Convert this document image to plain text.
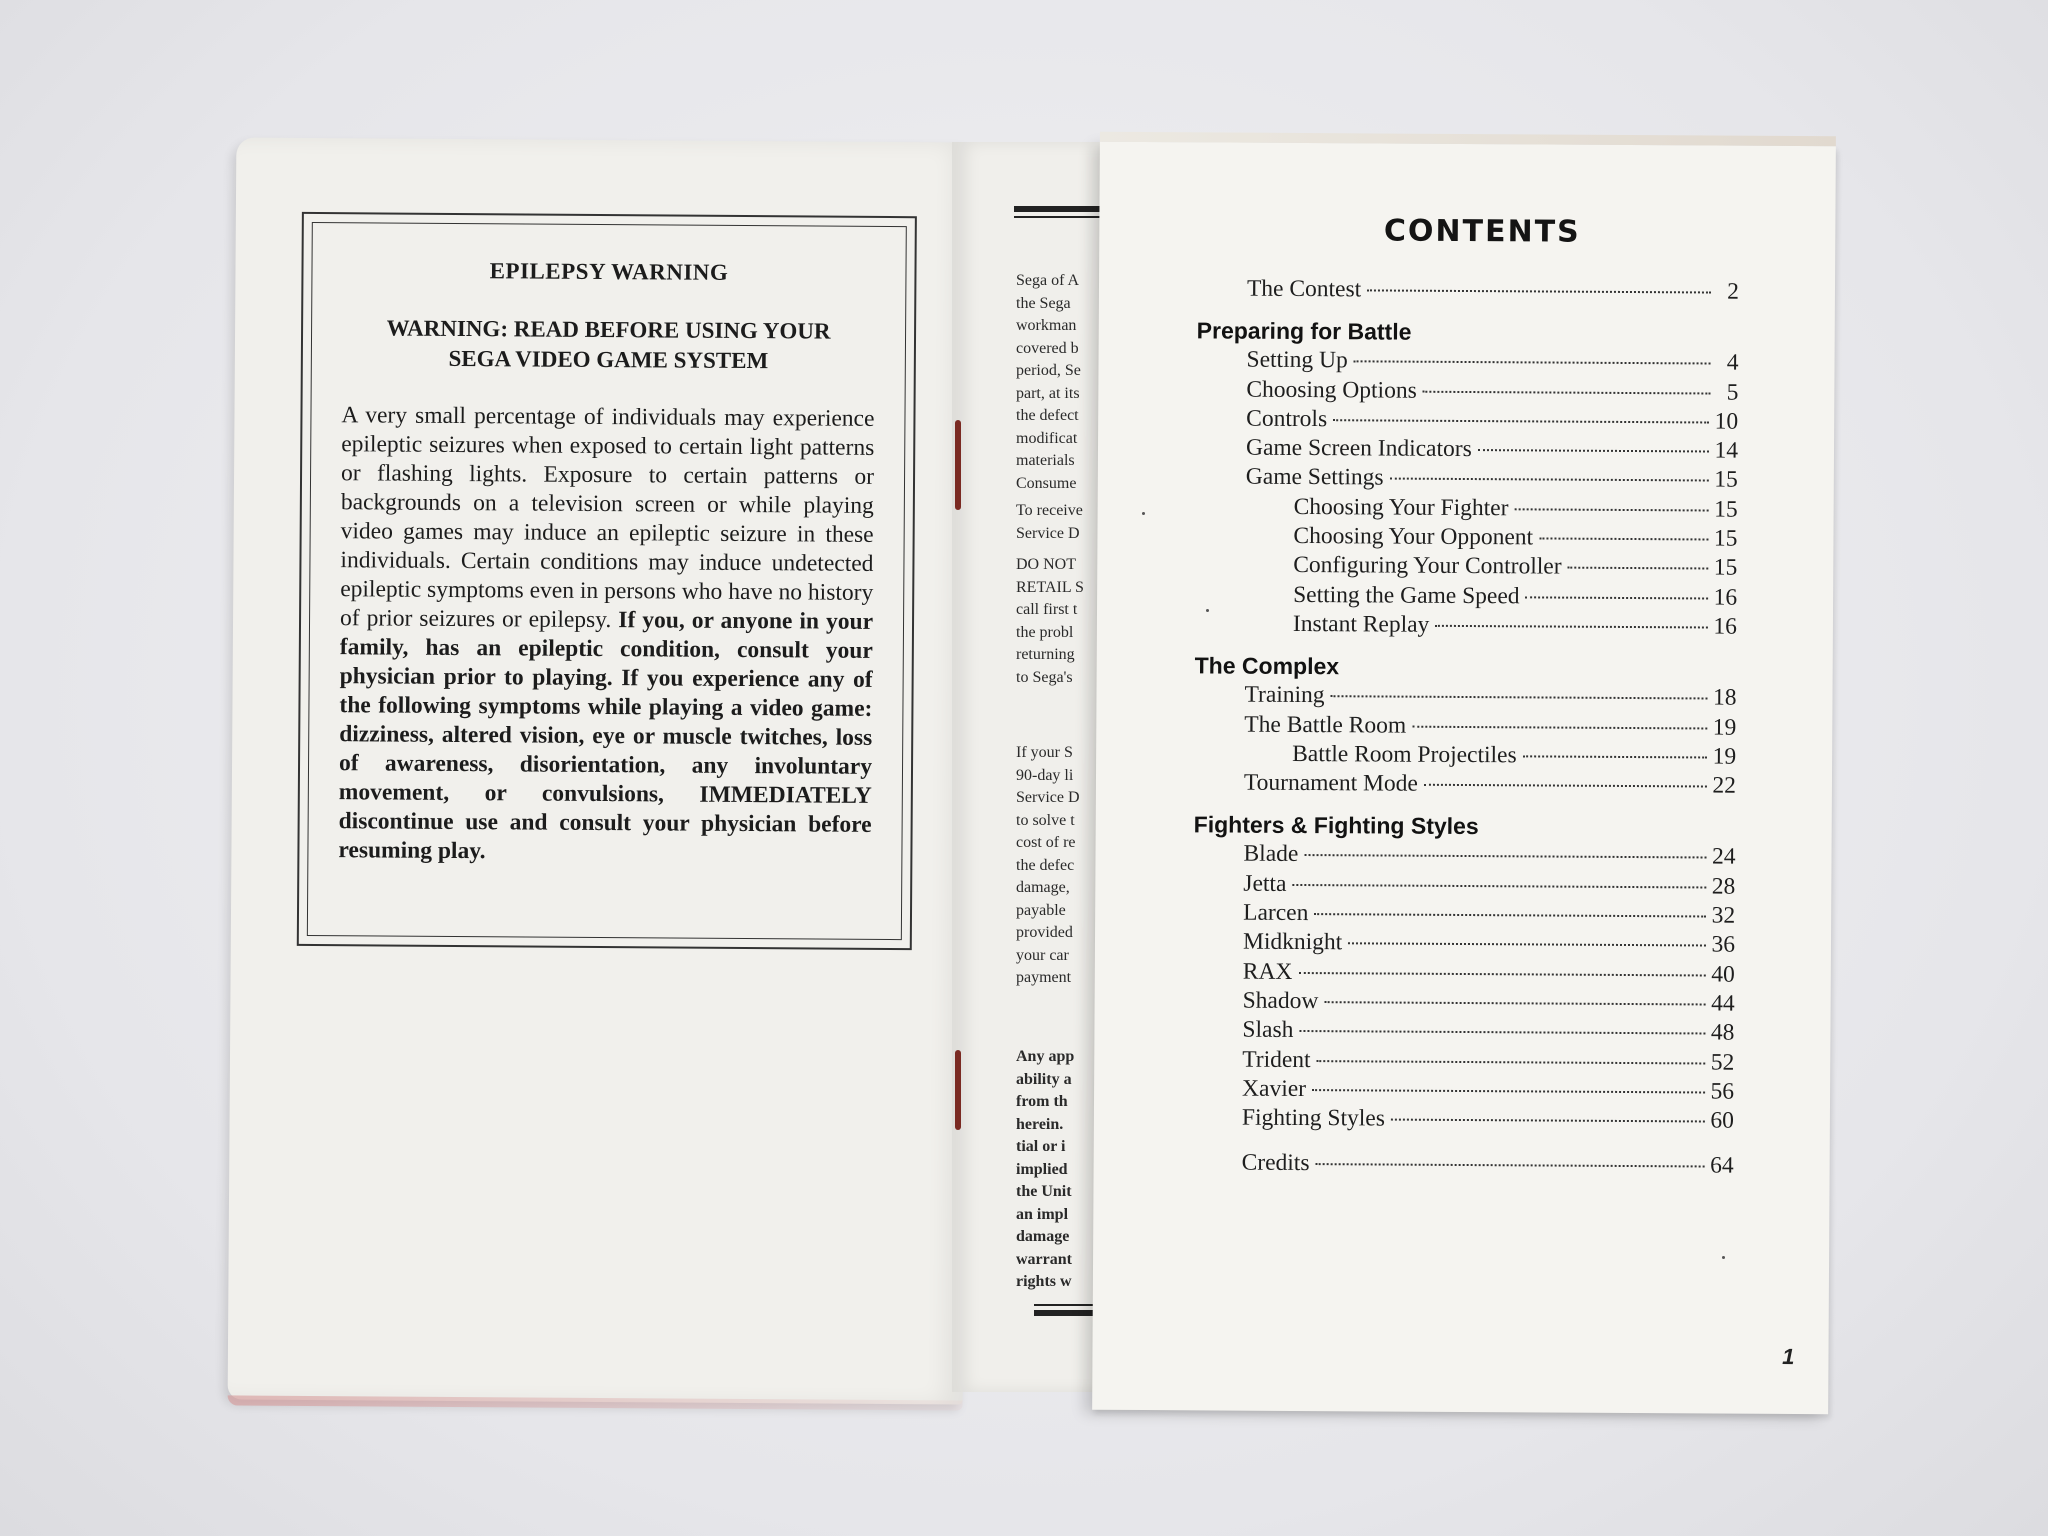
EPILEPSY WARNING
WARNING: READ BEFORE USING YOUR
SEGA VIDEO GAME SYSTEM

A very small percentage of individuals may experience epileptic seizures when exposed to certain light patterns or flashing lights. Exposure to certain patterns or backgrounds on a television screen or while playing video games may induce an epileptic seizure in these individuals. Certain conditions may induce undetected epileptic symptoms even in persons who have no history of prior seizures or epilepsy. If you, or anyone in your family, has an epileptic condition, consult your physician prior to playing. If you experience any of the following symptoms while playing a video game: dizziness, altered vision, eye or muscle twitches, loss of awareness, disorientation, any involuntary movement, or convulsions, IMMEDIATELY discontinue use and consult your physician before resuming play.

Sega of A
the Sega
workman
covered b
period, Se
part, at its
the defect
modificat
materials
Consume
To receive
Service D
DO NOT
RETAIL S
call first t
the probl
returning
to Sega's
If your S
90-day li
Service D
to solve t
cost of re
the defec
damage,
payable
provided
your car
payment
Any app
ability a
from th
herein.
tial or i
implied
the Unit
an impl
damage
warrant
rights w
CONTENTS
The Contest	2
Preparing for Battle
Setting Up	4
Choosing Options	5
Controls	10
Game Screen Indicators	14
Game Settings	15
Choosing Your Fighter	15
Choosing Your Opponent	15
Configuring Your Controller	15
Setting the Game Speed	16
Instant Replay	16
The Complex
Training	18
The Battle Room	19
Battle Room Projectiles	19
Tournament Mode	22
Fighters & Fighting Styles
Blade	24
Jetta	28
Larcen	32
Midknight	36
RAX	40
Shadow	44
Slash	48
Trident	52
Xavier	56
Fighting Styles	60
Credits	64
1
